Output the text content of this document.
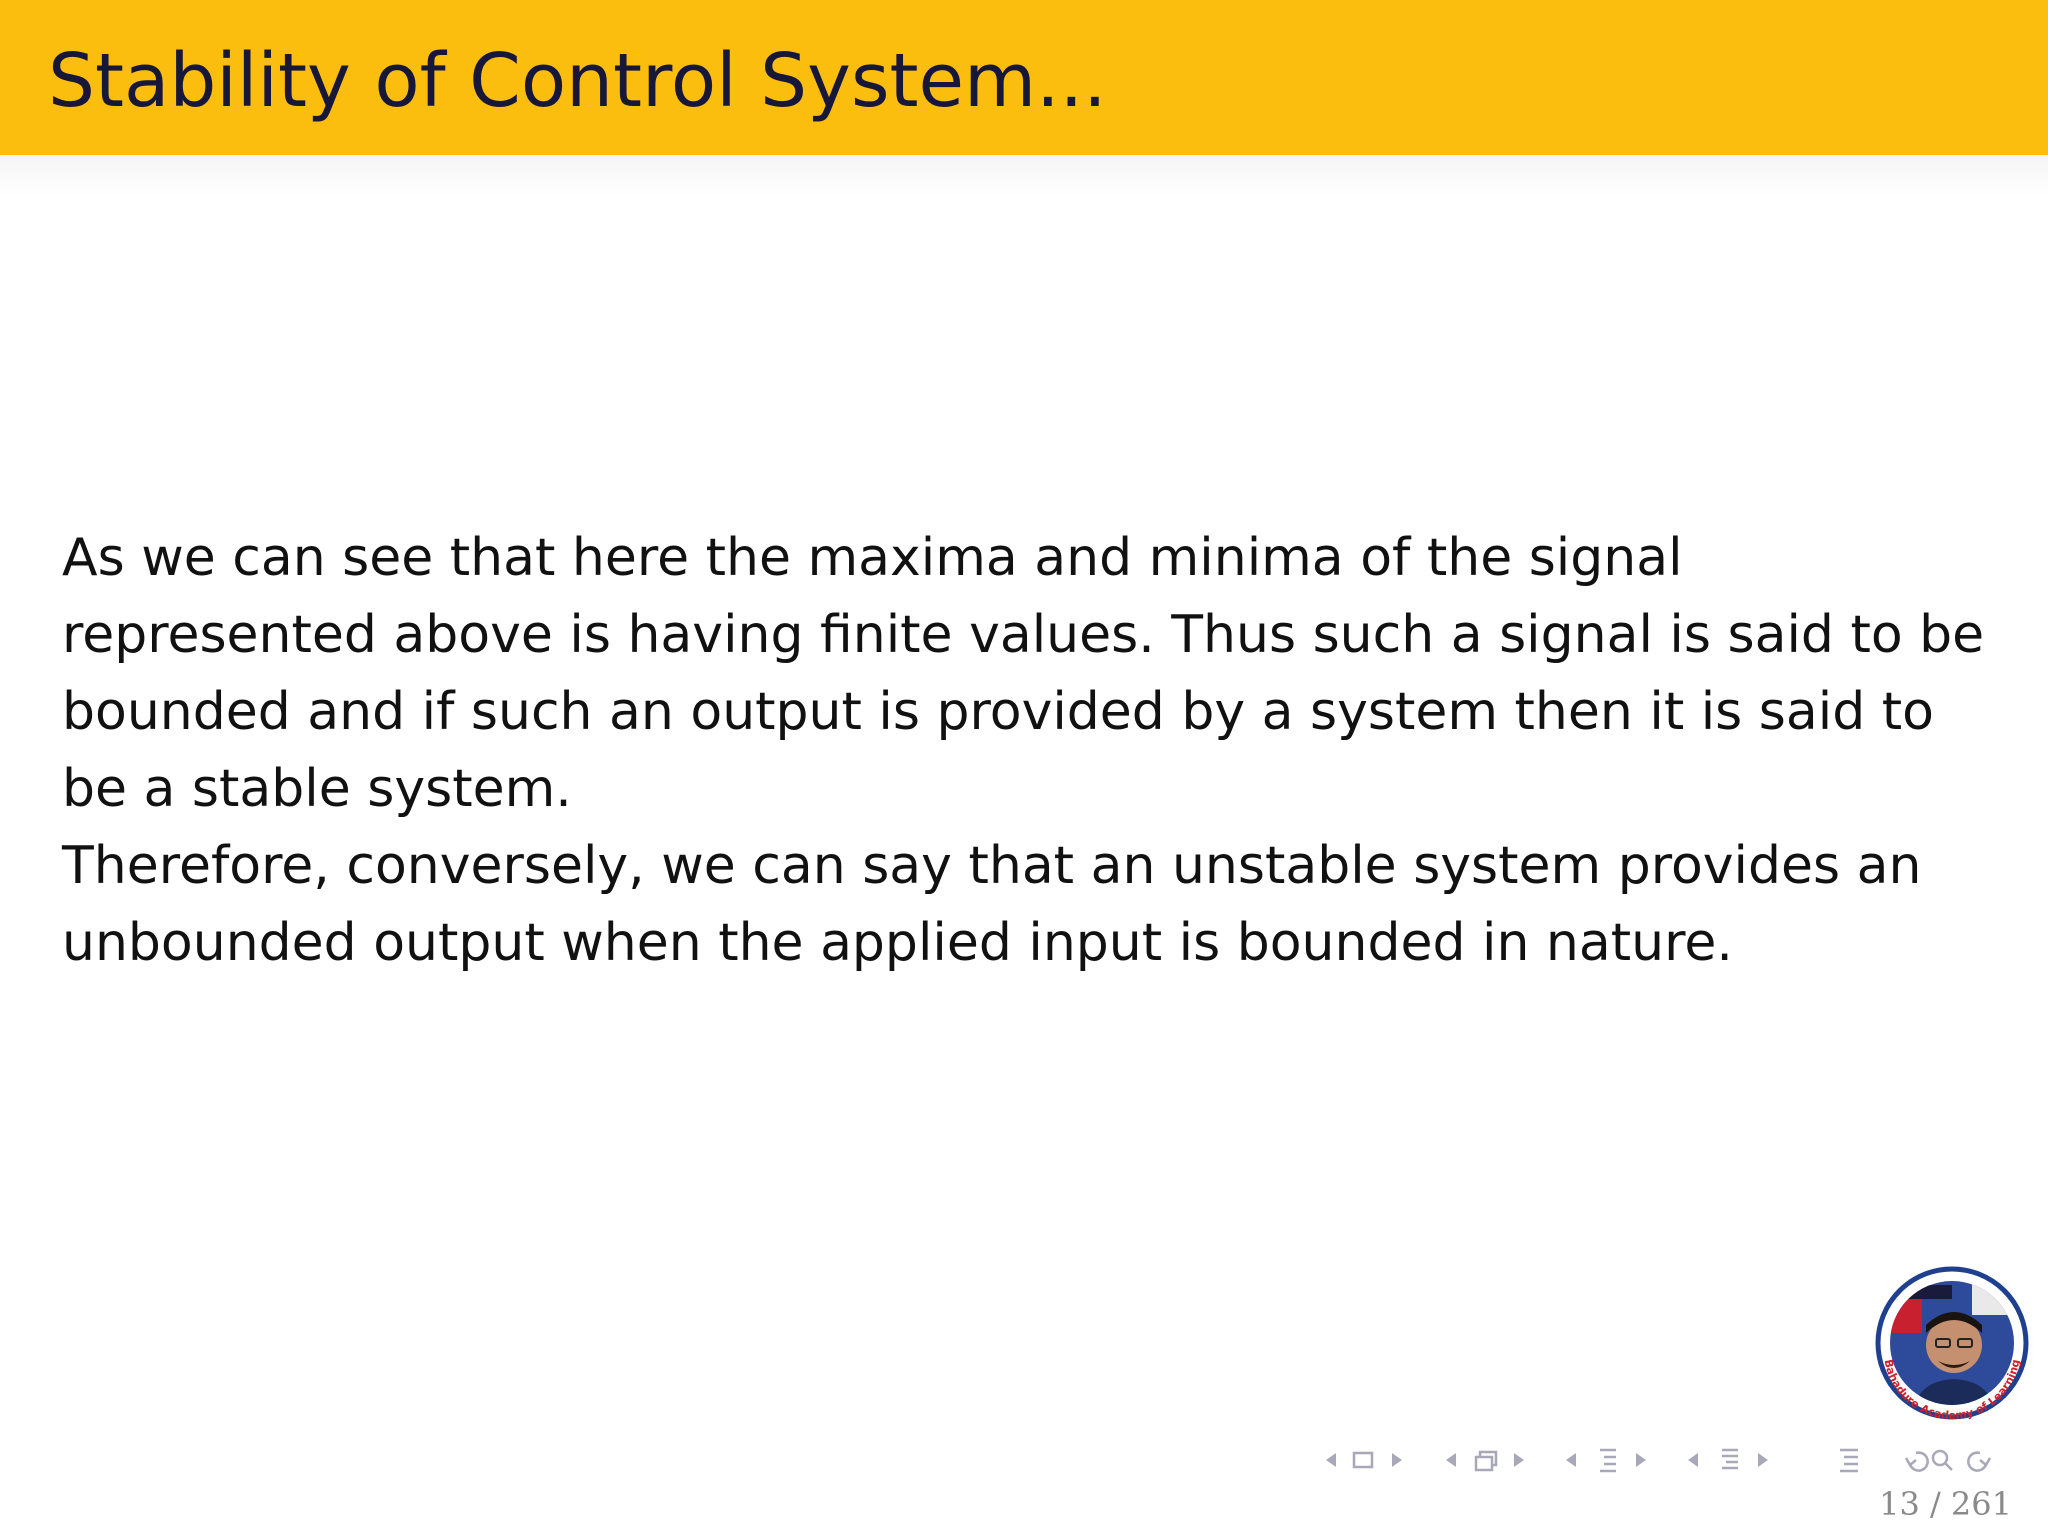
Stability of Control System...

As we can see that here the maxima and minima of the signal represented above is having finite values. Thus such a signal is said to be bounded and if such an output is provided by a system then it is said to be a stable system.

Therefore, conversely, we can say that an unstable system provides an unbounded output when the applied input is bounded in nature.

Bahadure Academy of Learning
13 / 261
